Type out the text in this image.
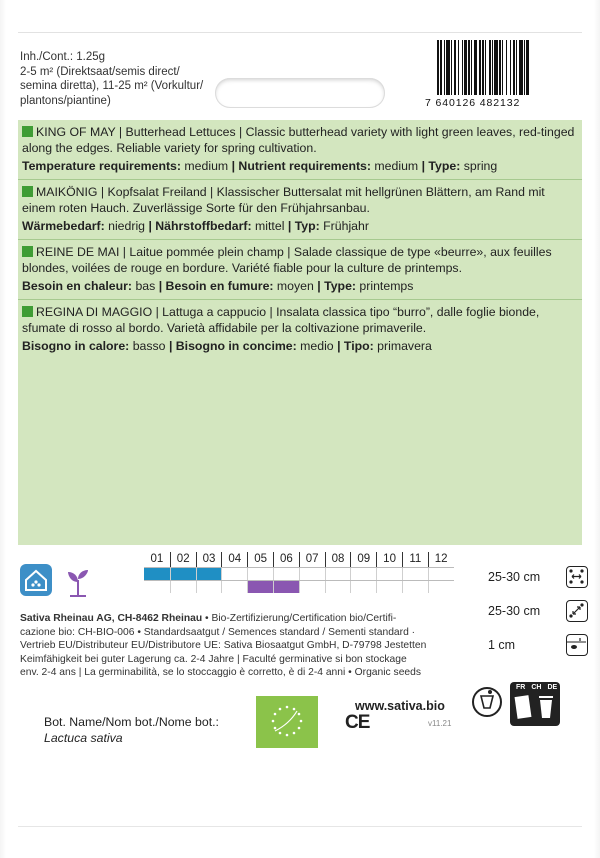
Inh./Cont.: 1.25g
2-5 m² (Direktsaat/semis direct/
semina diretta), 11-25 m² (Vorkultur/
plantons/piantine)	7 640126 482132
KING OF MAY | Butterhead Lettuces | Classic butterhead variety with light green leaves, red-tinged along the edges. Reliable variety for spring cultivation.
Temperature requirements: medium | Nutrient requirements: medium | Type: spring
MAIKÖNIG | Kopfsalat Freiland | Klassischer Buttersalat mit hellgrünen Blättern, am Rand mit einem roten Hauch. Zuverlässige Sorte für den Frühjahrsanbau.
Wärmebedarf: niedrig | Nährstoffbedarf: mittel | Typ: Frühjahr
REINE DE MAI | Laitue pommée plein champ | Salade classique de type «beurre», aux feuilles blondes, voilées de rouge en bordure. Variété fiable pour la culture de printemps.
Besoin en chaleur: bas | Besoin en fumure: moyen | Type: printemps
REGINA DI MAGGIO | Lattuga a cappucio | Insalata classica tipo “burro”, dalle foglie bionde, sfumate di rosso al bordo. Varietà affidabile per la coltivazione primaverile.
Bisogno in calore: basso | Bisogno in concime: medio | Tipo: primavera
01	02	03	04	05	06	07	08	09	10	11	12
25-30 cm
25-30 cm
1 cm
Sativa Rheinau AG, CH-8462 Rheinau • Bio-Zertifizierung/Certification bio/Certifi-
cazione bio: CH-BIO-006 • Standardsaatgut / Semences standard / Sementi standard ·
Vertrieb EU/Distributeur EU/Distributore UE: Sativa Biosaatgut GmbH, D-79798 Jestetten
Keimfähigkeit bei guter Lagerung ca. 2-4 Jahre | Faculté germinative si bon stockage
env. 2-4 ans | La germinabilità, se lo stoccaggio è corretto, è di 2-4 anni • Organic seeds
www.sativa.bio
CE	v11.21
FR CH DE
Bot. Name/Nom bot./Nome bot.:
Lactuca sativa
